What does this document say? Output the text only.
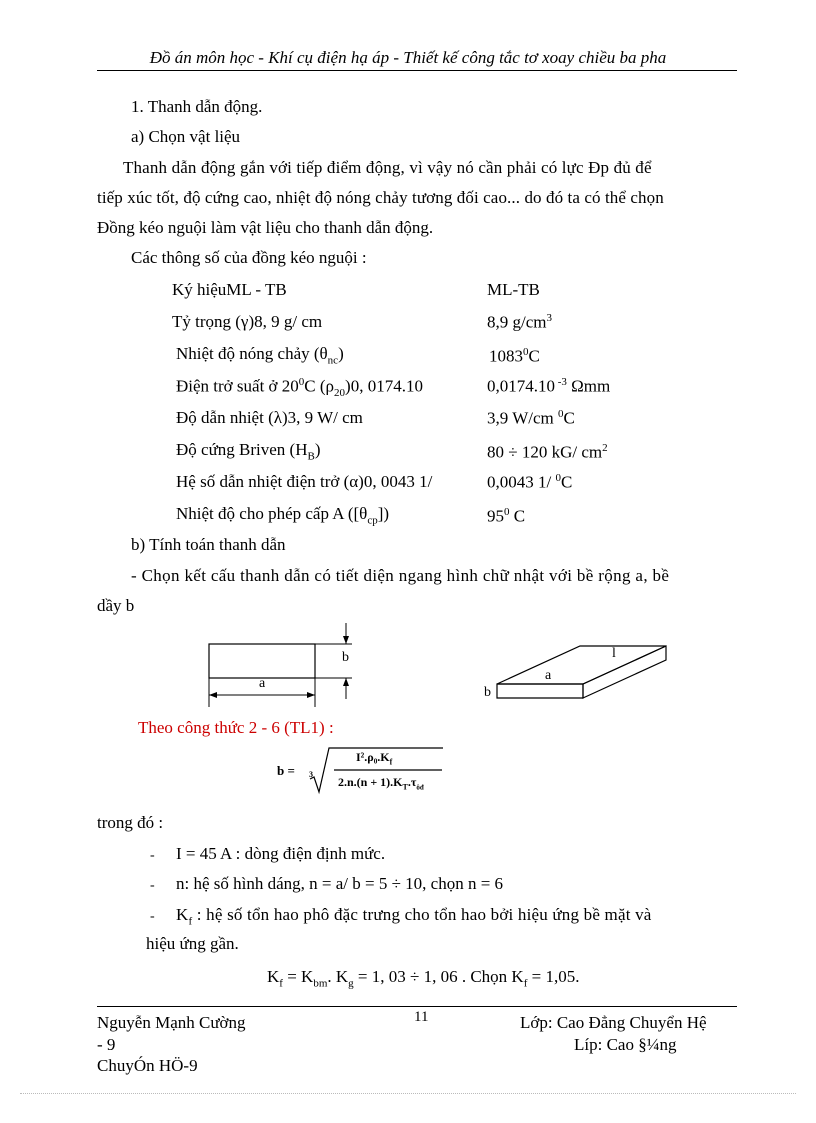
Đồ án môn học - Khí cụ điện hạ áp - Thiết kế công tắc tơ xoay chiều ba pha
1. Thanh dẫn động.
a) Chọn vật liệu
Thanh dẫn động gắn với tiếp điểm động, vì vậy nó cần phải có lực Đp đủ để
tiếp xúc tốt, độ cứng cao, nhiệt độ nóng chảy tương đối cao... do đó ta có thể chọn
Đồng kéo nguội làm vật liệu cho thanh dẫn động.
Các thông số của đồng kéo nguội :
Ký hiệuML - TB	ML-TB
Tỷ trọng (γ)8, 9 g/ cm	8,9 $g/cm^3$
Nhiệt độ nóng chảy $(\theta_{nc})$	1083$^0$C
Điện trở suất ở $20^0C$ $(\rho_{20})0$, 0174.10	0,0174.10 $^{-3}$ Ωmm
Độ dẫn nhiệt (λ)3, 9 W/ cm	3,9 W/cm $^0$C
Độ cứng Briven $(H_B)$	80 ÷ 120 kG/ $cm^2$
Hệ số dẫn nhiệt điện trở (α)0, 0043 1/	0,0043 1/ $^0$C
Nhiệt độ cho phép cấp A $([\theta_{cp}])$	$95^0$ C
b) Tính toán thanh dẫn
- Chọn kết cấu thanh dẫn có tiết diện ngang hình chữ nhật với bề rộng a, bề
dầy b
b
a
l
a
b
Theo công thức 2 - 6 (TL1) :
b = 3
$I^2.\rho_0.K_f$
$2.n.(n + 1).K_T.\tau_{ôđ}$
trong đó :
- I = 45 A : dòng điện định mức.
- n: hệ số hình dáng, n = a/ b = 5 ÷ 10, chọn n = 6
- $K_f$ : hệ số tổn hao phô đặc trưng cho tổn hao bởi hiệu ứng bề mặt và
hiệu ứng gần.
$K_f = K_{bm}$. $K_g = 1$, 03 ÷ 1, 06 . Chọn $K_f = 1,05$.
Nguyễn Mạnh Cường
- 9
ChuyÓn HÖ-9
11	Lớp: Cao Đẳng Chuyển Hệ
Líp: Cao §¼ng
